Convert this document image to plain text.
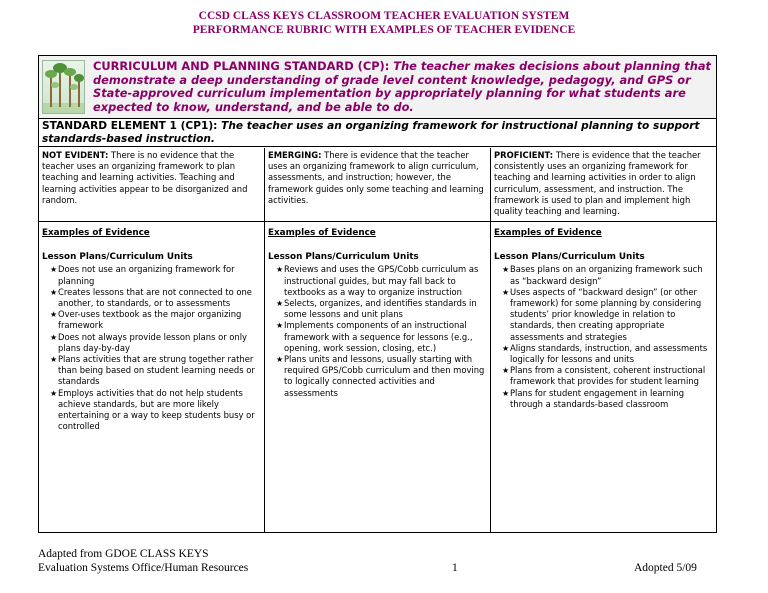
CCSD CLASS KEYS CLASSROOM TEACHER EVALUATION SYSTEM
PERFORMANCE RUBRIC WITH EXAMPLES OF TEACHER EVIDENCE
CURRICULUM AND PLANNING STANDARD (CP): The teacher makes decisions about planning that demonstrate a deep understanding of grade level content knowledge, pedagogy, and GPS or State-approved curriculum implementation by appropriately planning for what students are expected to know, understand, and be able to do.
STANDARD ELEMENT 1 (CP1): The teacher uses an organizing framework for instructional planning to support standards-based instruction.
NOT EVIDENT: There is no evidence that the teacher uses an organizing framework to plan teaching and learning activities. Teaching and learning activities appear to be disorganized and random.
Examples of Evidence
Lesson Plans/Curriculum Units
★Does not use an organizing framework for planning
★Creates lessons that are not connected to one another, to standards, or to assessments
★Over-uses textbook as the major organizing framework
★Does not always provide lesson plans or only plans day-by-day
★Plans activities that are strung together rather than being based on student learning needs or standards
★Employs activities that do not help students achieve standards, but are more likely entertaining or a way to keep students busy or controlled
EMERGING: There is evidence that the teacher uses an organizing framework to align curriculum, assessments, and instruction; however, the framework guides only some teaching and learning activities.
Examples of Evidence
Lesson Plans/Curriculum Units
★Reviews and uses the GPS/Cobb curriculum as instructional guides, but may fall back to textbooks as a way to organize instruction
★Selects, organizes, and identifies standards in some lessons and unit plans
★Implements components of an instructional framework with a sequence for lessons (e.g., opening, work session, closing, etc.)
★Plans units and lessons, usually starting with required GPS/Cobb curriculum and then moving to logically connected activities and assessments
PROFICIENT: There is evidence that the teacher consistently uses an organizing framework for teaching and learning activities in order to align curriculum, assessment, and instruction. The framework is used to plan and implement high quality teaching and learning.
Examples of Evidence
Lesson Plans/Curriculum Units
★Bases plans on an organizing framework such as “backward design”
★Uses aspects of “backward design” (or other framework) for some planning by considering students’ prior knowledge in relation to standards, then creating appropriate assessments and strategies
★Aligns standards, instruction, and assessments logically for lessons and units
★Plans from a consistent, coherent instructional framework that provides for student learning
★Plans for student engagement in learning through a standards-based classroom
Adapted from GDOE CLASS KEYS
Evaluation Systems Office/Human Resources	1	Adopted 5/09
